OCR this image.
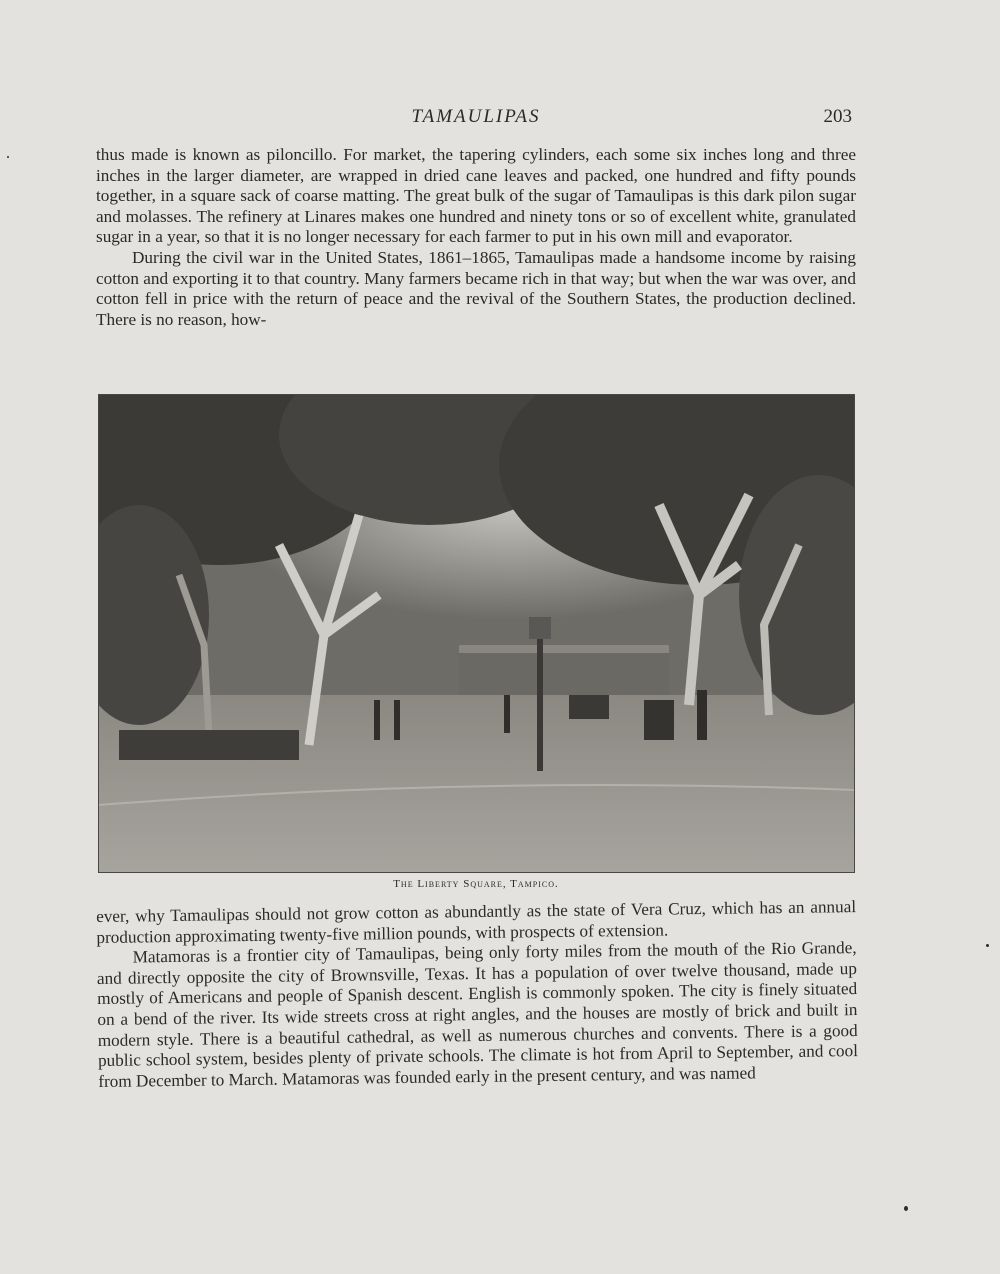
TAMAULIPAS	203

thus made is known as piloncillo. For market, the tapering cylinders, each some six inches long and three inches in the larger diameter, are wrapped in dried cane leaves and packed, one hundred and fifty pounds together, in a square sack of coarse matting. The great bulk of the sugar of Tamaulipas is this dark pilon sugar and molasses. The refinery at Linares makes one hundred and ninety tons or so of excellent white, granulated sugar in a year, so that it is no longer necessary for each farmer to put in his own mill and evaporator.

During the civil war in the United States, 1861–1865, Tamaulipas made a handsome income by raising cotton and exporting it to that country. Many farmers became rich in that way; but when the war was over, and cotton fell in price with the return of peace and the revival of the Southern States, the production declined. There is no reason, how-

The Liberty Square, Tampico.

ever, why Tamaulipas should not grow cotton as abundantly as the state of Vera Cruz, which has an annual production approximating twenty-five million pounds, with prospects of extension.

Matamoras is a frontier city of Tamaulipas, being only forty miles from the mouth of the Rio Grande, and directly opposite the city of Brownsville, Texas. It has a population of over twelve thousand, made up mostly of Americans and people of Spanish descent. English is commonly spoken. The city is finely situated on a bend of the river. Its wide streets cross at right angles, and the houses are mostly of brick and built in modern style. There is a beautiful cathedral, as well as numerous churches and convents. There is a good public school system, besides plenty of private schools. The climate is hot from April to September, and cool from December to March. Matamoras was founded early in the present century, and was named
